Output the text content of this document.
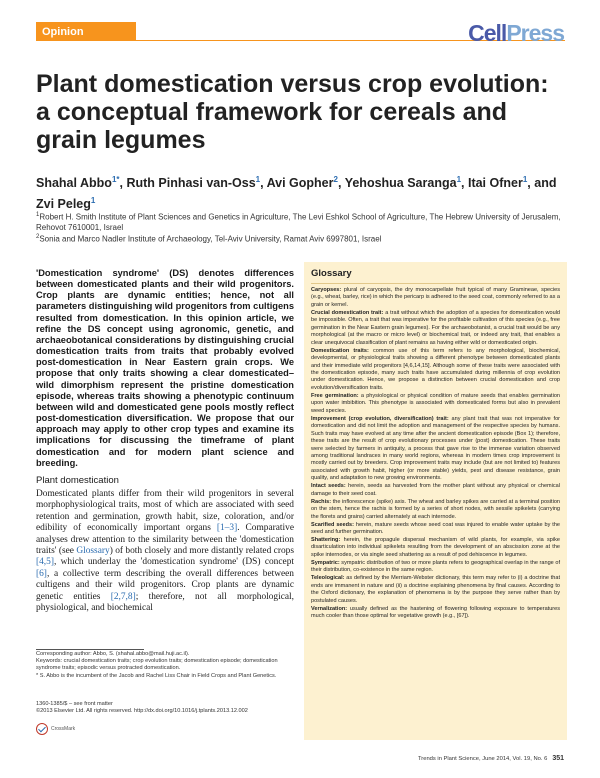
Opinion	CellPress
Plant domestication versus crop evolution: a conceptual framework for cereals and grain legumes
Shahal Abbo$^{1*}$, Ruth Pinhasi van-Oss$^1$, Avi Gopher$^2$, Yehoshua Saranga$^1$, Itai Ofner$^1$, and Zvi Peleg$^1$
$^1$Robert H. Smith Institute of Plant Sciences and Genetics in Agriculture, The Levi Eshkol School of Agriculture, The Hebrew University of Jerusalem, Rehovot 7610001, Israel
$^2$Sonia and Marco Nadler Institute of Archaeology, Tel-Aviv University, Ramat Aviv 6997801, Israel

'Domestication syndrome' (DS) denotes differences between domesticated plants and their wild progenitors. Crop plants are dynamic entities; hence, not all parameters distinguishing wild progenitors from cultigens resulted from domestication. In this opinion article, we refine the DS concept using agronomic, genetic, and archaeobotanical considerations by distinguishing crucial domestication traits from traits that probably evolved post-domestication in Near Eastern grain crops. We propose that only traits showing a clear domesticated–wild dimorphism represent the pristine domestication episode, whereas traits showing a phenotypic continuum between wild and domesticated gene pools mostly reflect post-domestication diversification. We propose that our approach may apply to other crop types and examine its implications for discussing the timeframe of plant domestication and for modern plant science and breeding.

Plant domestication

Domesticated plants differ from their wild progenitors in several morphophysiological traits, most of which are associated with seed retention and germination, growth habit, size, coloration, and/or edibility of economically important organs [1–3]. Comparative analyses drew attention to the similarity between the 'domestication traits' (see Glossary) of both closely and more distantly related crops [4,5], which underlay the 'domestication syndrome' (DS) concept [6], a collective term describing the overall differences between cultigens and their wild progenitors. Crop plants are dynamic genetic entities [2,7,8]; therefore, not all morphological, physiological, and biochemical

Corresponding author: Abbo, S. (shahal.abbo@mail.huji.ac.il).
Keywords: crucial domestication traits; crop evolution traits; domestication episode; domestication syndrome traits; episodic versus protracted domestication.
* S. Abbo is the incumbent of the Jacob and Rachel Liss Chair in Field Crops and Plant Genetics.
1360-1385/$ – see front matter
©2013 Elsevier Ltd. All rights reserved. http://dx.doi.org/10.1016/j.tplants.2013.12.002
CrossMark
Glossary

Caryopses: plural of caryopsis, the dry monocarpellate fruit typical of many Gramineae, species (e.g., wheat, barley, rice) in which the pericarp is adhered to the seed coat, commonly referred to as a grain or kernel.

Crucial domestication trait: a trait without which the adoption of a species for domestication would be impossible. Often, a trait that was imperative for the profitable cultivation of this species (e.g., free germination in the Near Eastern grain legumes). For the archaeobotanist, a crucial trait would be any morphological (at the macro or micro level) or biochemical trait, or indeed any trait, that enables a clear unequivocal classification of plant remains as having either wild or domesticated origin.

Domestication traits: common use of this term refers to any morphological, biochemical, developmental, or physiological traits showing a different phenotype between domesticated plants and their immediate wild progenitors [4,6,14,15]. Although some of these traits were associated with the domestication episode, many such traits have accumulated during millennia of crop evolution under domestication. Hence, we propose a distinction between crucial domestication and crop evolution/diversification traits.

Free germination: a physiological or physical condition of mature seeds that enables germination upon water imbibition. This phenotype is associated with domesticated forms but also in prevalent weed species.

Improvement (crop evolution, diversification) trait: any plant trait that was not imperative for domestication and did not limit the adoption and management of the respective species by humans. Such traits may have evolved at any time after the ancient domestication episode (Box 1); therefore, these traits are the result of crop evolutionary processes under (post) domestication. These traits were selected by farmers in antiquity, a process that gave rise to the immense variation observed among traditional landraces in many world regions, whereas in modern times crop improvement is mostly carried out by breeders. Crop improvement traits may include (but are not limited to) features associated with growth habit, higher (or more stable) yields, pest and disease resistance, grain quality, and adaptation to new growing environments.

Intact seeds: herein, seeds as harvested from the mother plant without any physical or chemical damage to their seed coat.

Rachis: the inflorescence (spike) axis. The wheat and barley spikes are carried at a terminal position on the stem, hence the rachis is formed by a series of short nodes, with sessile spikelets (carrying the florets and grains) carried alternately at each internode.

Scarified seeds: herein, mature seeds whose seed coat was injured to enable water uptake by the seed and further germination.

Shattering: herein, the propagule dispersal mechanism of wild plants, for example, via spike disarticulation into individual spikelets resulting from the development of an abscission zone at the spike internodes, or via single seed shattering as a result of pod dehiscence in legumes.

Sympatric: sympatric distribution of two or more plants refers to geographical overlap in the range of their distribution, co-existence in the same region.

Teleological: as defined by the Merriam-Webster dictionary, this term may refer to (i) a doctrine that ends are immanent in nature and (ii) a doctrine explaining phenomena by final causes. According to the Oxford dictionary, the explanation of phenomena is by the purpose they serve rather than by postulated causes.

Vernalization: usually defined as the hastening of flowering following exposure to temperatures much cooler than those optimal for vegetative growth (e.g., [67]).

Trends in Plant Science, June 2014, Vol. 19, No. 6 351
